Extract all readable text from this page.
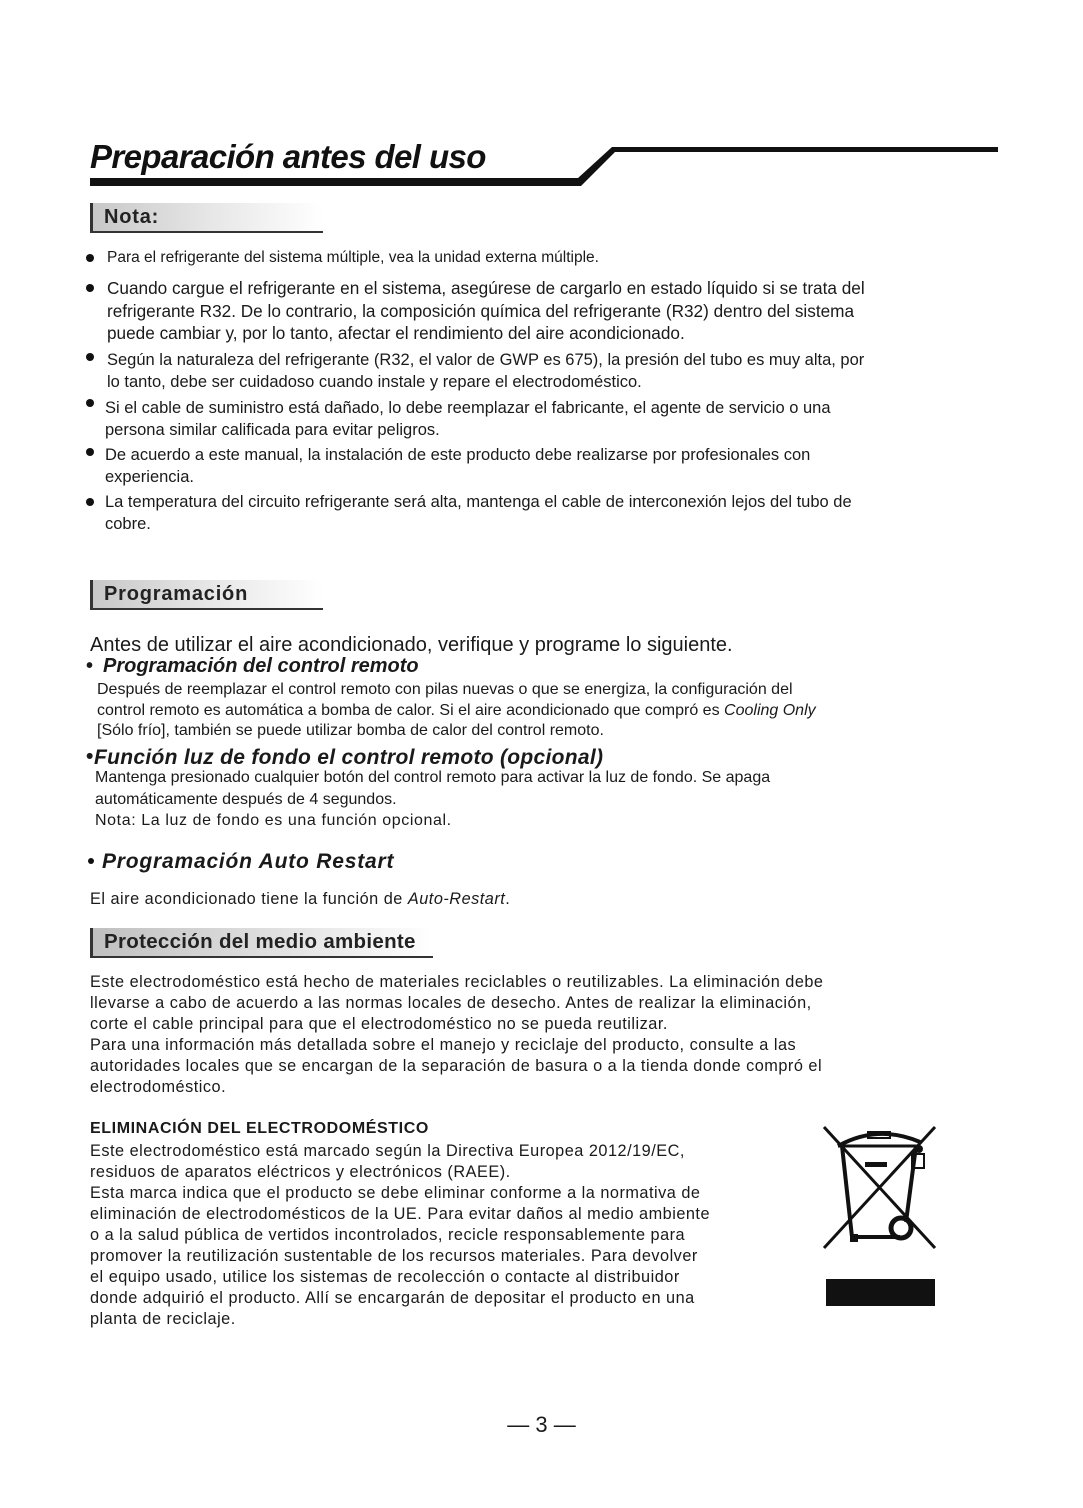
Preparación antes del uso
Nota:
Para el refrigerante del sistema múltiple, vea la unidad externa múltiple.
Cuando cargue el refrigerante en el sistema, asegúrese de cargarlo en estado líquido si se trata del
refrigerante R32. De lo contrario, la composición química del refrigerante (R32) dentro del sistema
puede cambiar y, por lo tanto, afectar el rendimiento del aire acondicionado.
Según la naturaleza del refrigerante (R32, el valor de GWP es 675), la presión del tubo es muy alta, por
lo tanto, debe ser cuidadoso cuando instale y repare el electrodoméstico.
Si el cable de suministro está dañado, lo debe reemplazar el fabricante, el agente de servicio o una
persona similar calificada para evitar peligros.
De acuerdo a este manual, la instalación de este producto debe realizarse por profesionales con
experiencia.
La temperatura del circuito refrigerante será alta, mantenga el cable de interconexión lejos del tubo de
cobre.
Programación
Antes de utilizar el aire acondicionado, verifique y programe lo siguiente.
• Programación del control remoto
Después de reemplazar el control remoto con pilas nuevas o que se energiza, la configuración del
control remoto es automática a bomba de calor. Si el aire acondicionado que compró es Cooling Only
[Sólo frío], también se puede utilizar bomba de calor del control remoto.
• Función luz de fondo el control remoto (opcional)
Mantenga presionado cualquier botón del control remoto para activar la luz de fondo. Se apaga
automáticamente después de 4 segundos.
Nota: La luz de fondo es una función opcional.
Programación Auto Restart
El aire acondicionado tiene la función de Auto-Restart.
Protección del medio ambiente
Este electrodoméstico está hecho de materiales reciclables o reutilizables. La eliminación debe
llevarse a cabo de acuerdo a las normas locales de desecho. Antes de realizar la eliminación,
corte el cable principal para que el electrodoméstico no se pueda reutilizar.
Para una información más detallada sobre el manejo y reciclaje del producto, consulte a las
autoridades locales que se encargan de la separación de basura o a la tienda donde compró el
electrodoméstico.
ELIMINACIÓN DEL ELECTRODOMÉSTICO
Este electrodoméstico está marcado según la Directiva Europea 2012/19/EC,
residuos de aparatos eléctricos y electrónicos (RAEE).
Esta marca indica que el producto se debe eliminar conforme a la normativa de
eliminación de electrodomésticos de la UE. Para evitar daños al medio ambiente
o a la salud pública de vertidos incontrolados, recicle responsablemente para
promover la reutilización sustentable de los recursos materiales. Para devolver
el equipo usado, utilice los sistemas de recolección o contacte al distribuidor
donde adquirió el producto. Allí se encargarán de depositar el producto en una
planta de reciclaje.
— 3 —
